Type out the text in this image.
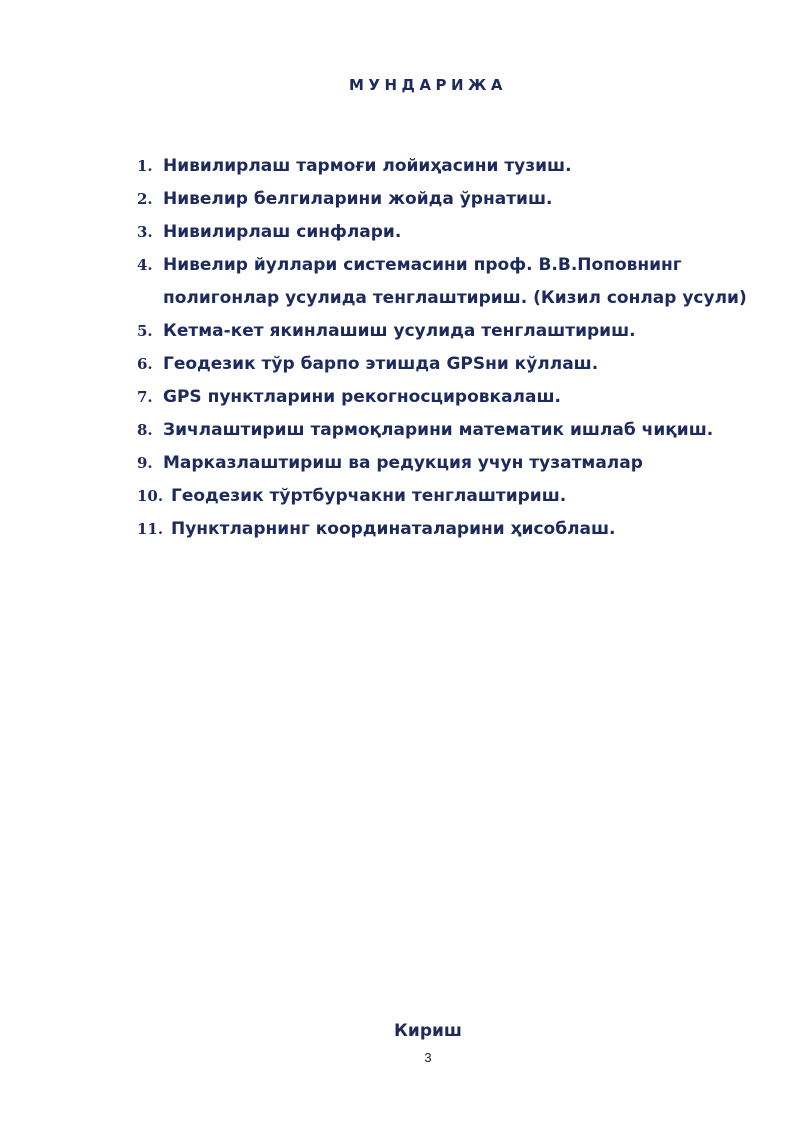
МУНДАРИЖА
1. Нивилирлаш тармоғи лойиҳасини тузиш.
2. Нивелир белгиларини жойда ўрнатиш.
3. Нивилирлаш синфлари.
4. Нивелир йуллари системасини проф. В.В.Поповнинг
полигонлар усулида тенглаштириш. (Кизил сонлар усули)
5. Кетма-кет якинлашиш усулида тенглаштириш.
6. Геодезик тўр барпо этишда GPSни кўллаш.
7. GPS пунктларини рекогносцировкалаш.
8. Зичлаштириш тармоқларини математик ишлаб чиқиш.
9. Марказлаштириш ва редукция учун тузатмалар
10. Геодезик тўртбурчакни тенглаштириш.
11. Пунктларнинг координаталарини ҳисоблаш.
Кириш
3
